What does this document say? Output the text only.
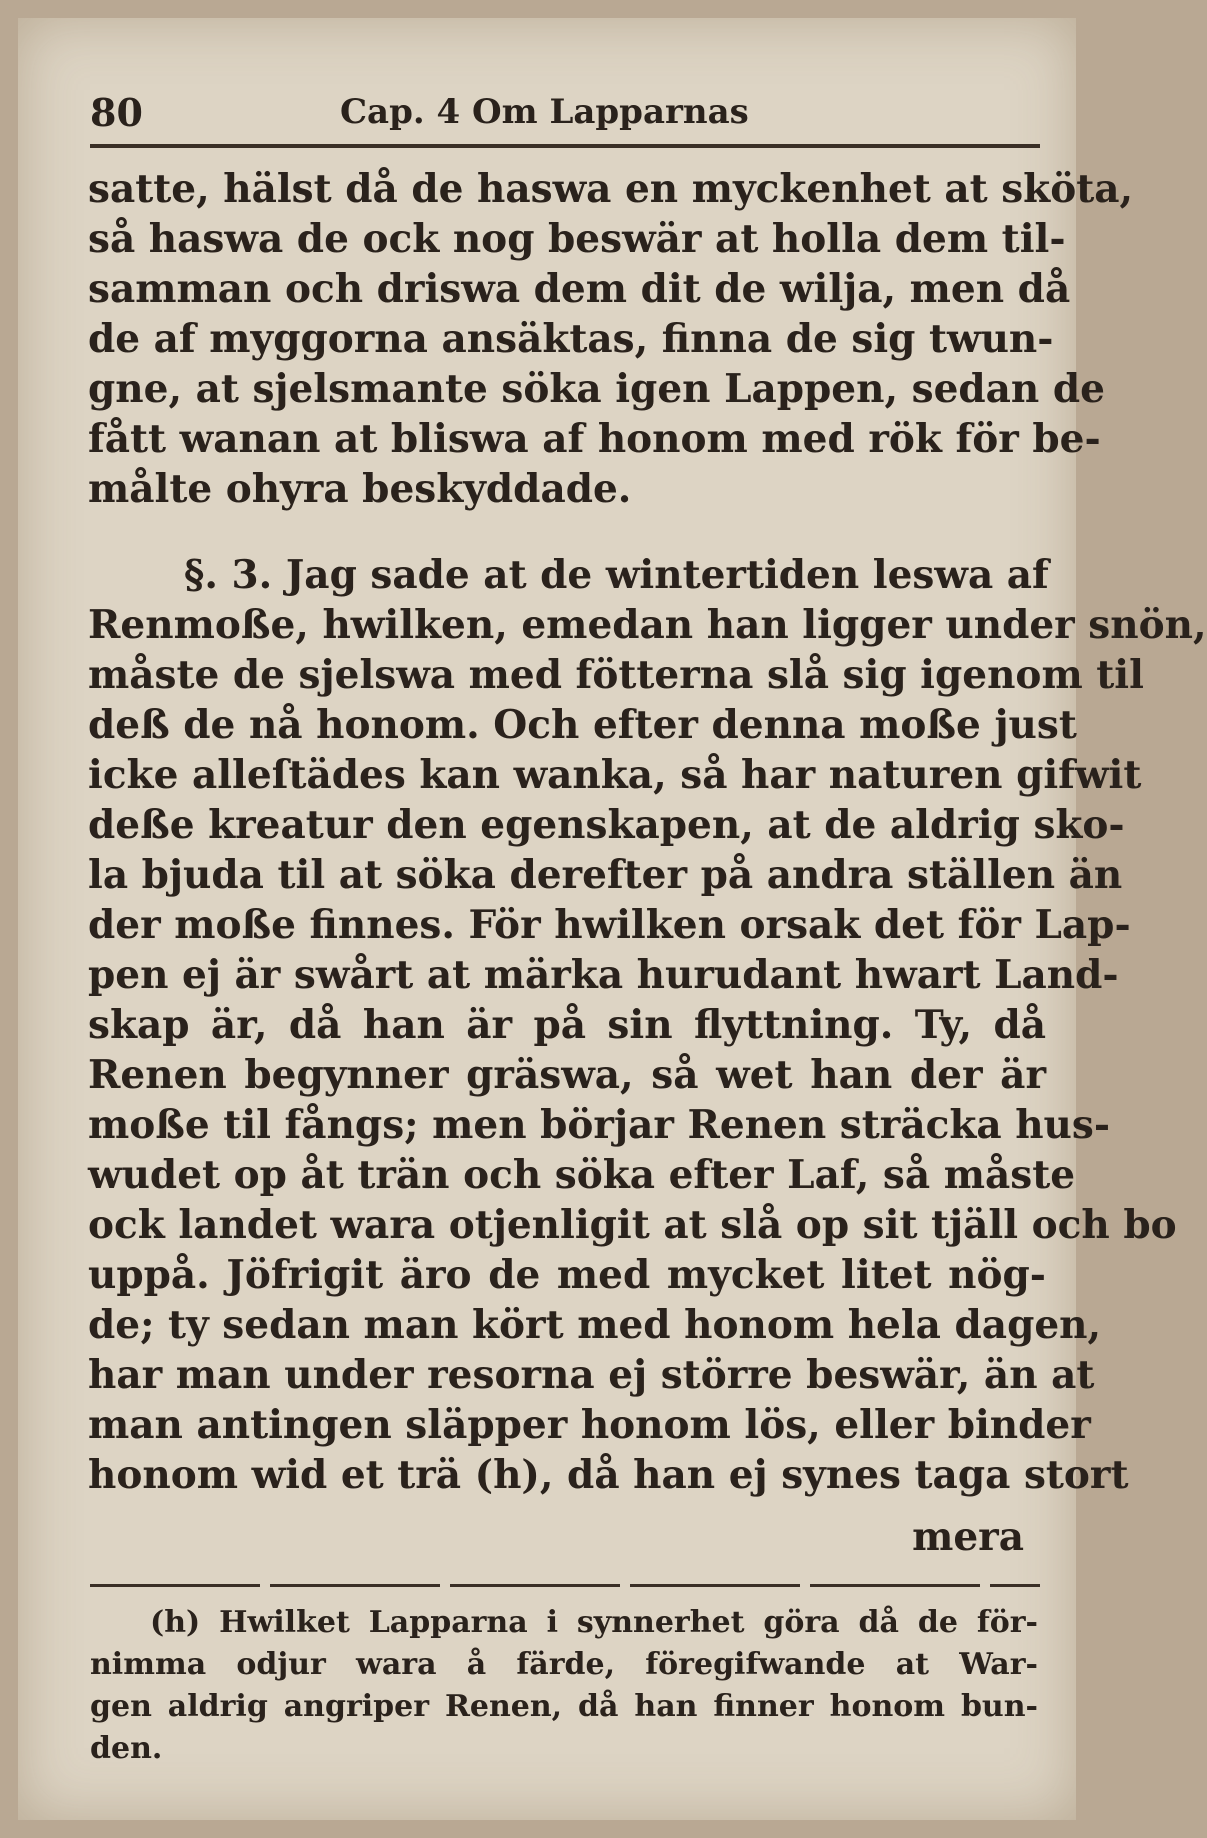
80	Cap. 4 Om Lapparnas
satte, hälst då de haswa en myckenhet at sköta,
så haswa de ock nog beswär at holla dem til-
samman och driswa dem dit de wilja, men då
de af myggorna ansäktas, finna de sig twun-
gne, at sjelsmante söka igen Lappen, sedan de
fått wanan at bliswa af honom med rök för be-
målte ohyra beskyddade.
§. 3. Jag sade at de wintertiden leswa af
Renmoße, hwilken, emedan han ligger under snön,
måste de sjelswa med fötterna slå sig igenom til
deß de nå honom. Och efter denna moße just
icke alleſtädes kan wanka, så har naturen gifwit
deße kreatur den egenskapen, at de aldrig sko-
la bjuda til at söka derefter på andra ställen än
der moße finnes. För hwilken orsak det för Lap-
pen ej är swårt at märka hurudant hwart Land-
skap är, då han är på sin flyttning. Ty, då
Renen begynner gräswa, så wet han der är
moße til fångs; men börjar Renen sträcka hus-
wudet op åt trän och söka efter Laf, så måste
ock landet wara otjenligit at slå op sit tjäll och bo
uppå. Jöfrigit äro de med mycket litet nög-
de; ty sedan man kört med honom hela dagen,
har man under resorna ej större beswär, än at
man antingen släpper honom lös, eller binder
honom wid et trä (h), då han ej synes taga stort
mera
(h) Hwilket Lapparna i synnerhet göra då de för-
nimma odjur wara å färde, föregifwande at War-
gen aldrig angriper Renen, då han finner honom bun-
den.
